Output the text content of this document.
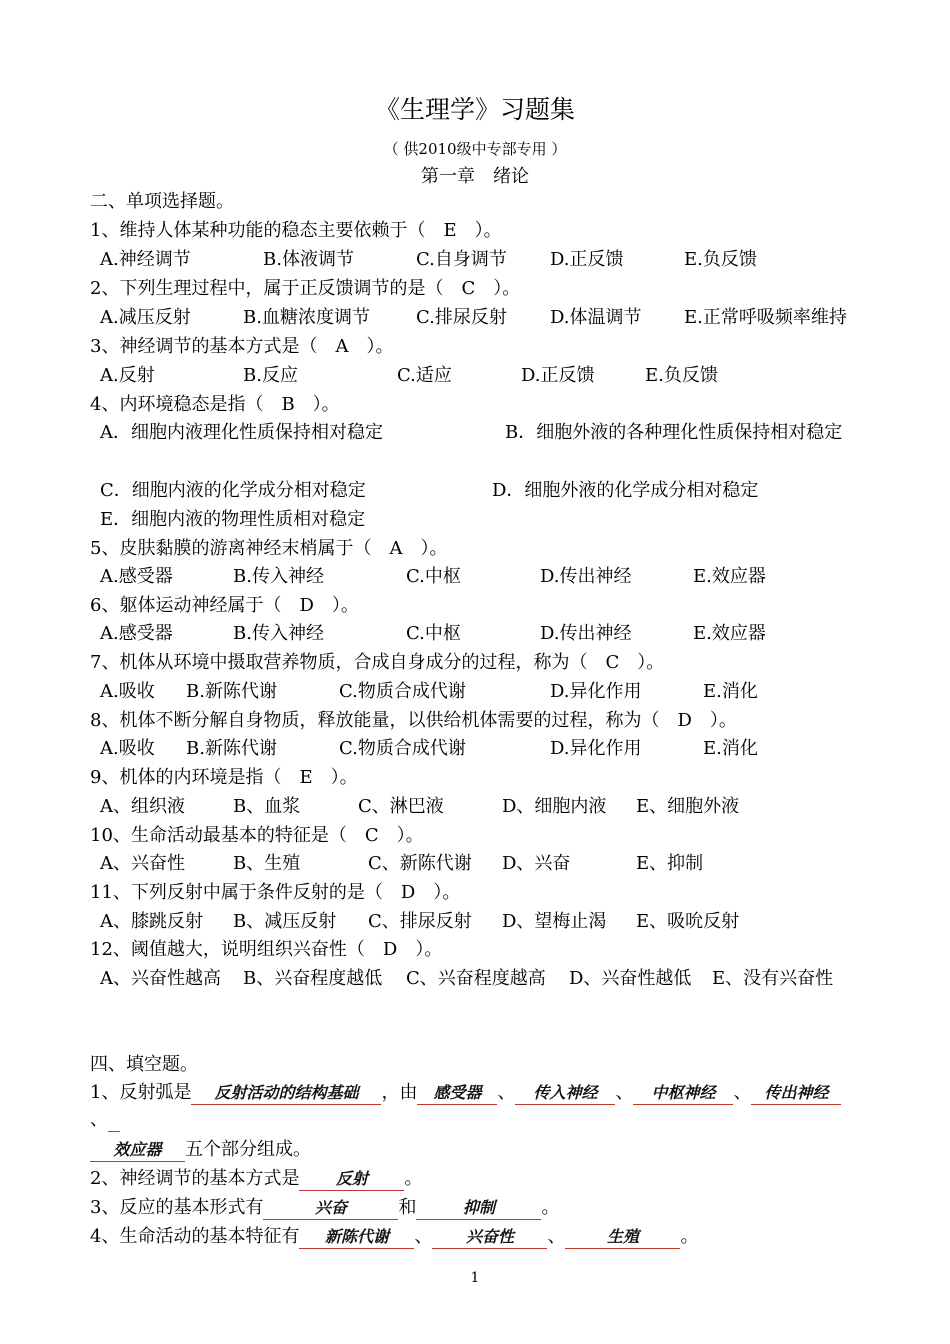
《生理学》习题集
（ 供2010级中专部专用 ）
第一章　绪论
二、单项选择题。
1、维持人体某种功能的稳态主要依赖于（　E　）。
A.神经调节	B.体液调节	C.自身调节 D.正反馈	E.负反馈
2、下列生理过程中，属于正反馈调节的是（　C　）。
A.减压反射	B.血糖浓度调节	C.排尿反射 D.体温调节 E.正常呼吸频率维持
3、神经调节的基本方式是（　A　）。
A.反射	B.反应	C.适应	D.正反馈	E.负反馈
4、内环境稳态是指（　B　）。
A．细胞内液理化性质保持相对稳定	B．细胞外液的各种理化性质保持相对稳定
C．细胞内液的化学成分相对稳定	D．细胞外液的化学成分相对稳定
E．细胞内液的物理性质相对稳定
5、皮肤黏膜的游离神经末梢属于（　A　）。
A.感受器	B.传入神经	C.中枢	D.传出神经	E.效应器
6、躯体运动神经属于（　D　）。
A.感受器	B.传入神经	C.中枢	D.传出神经	E.效应器
7、机体从环境中摄取营养物质，合成自身成分的过程，称为（　C　）。
A.吸收 B.新陈代谢	C.物质合成代谢	D.异化作用	E.消化
8、机体不断分解自身物质，释放能量，以供给机体需要的过程，称为（　D　）。
A.吸收 B.新陈代谢	C.物质合成代谢	D.异化作用	E.消化
9、机体的内环境是指（　E　）。
A、组织液	B、血浆	C、淋巴液	D、细胞内液 E、细胞外液
10、生命活动最基本的特征是（　C　）。
A、兴奋性	B、生殖	C、新陈代谢 D、兴奋	E、抑制
11、下列反射中属于条件反射的是（　D　）。
A、膝跳反射 B、减压反射 C、排尿反射 D、望梅止渴 E、吸吮反射
12、阈值越大，说明组织兴奋性（　D　）。
A、兴奋性越高 B、兴奋程度越低 C、兴奋程度越高 D、兴奋性越低 E、没有兴奋性
四、填空题。
1、反射弧是 反射活动的结构基础 ，由 感受器 、 传入神经 、 中枢神经 、 传出神经
、
效应器 五个部分组成。
2、神经调节的基本方式是 反射 。
3、反应的基本形式有	兴奋	和	抑制	。
4、生命活动的基本特征有 新陈代谢 、 兴奋性 、	生殖 。
1
